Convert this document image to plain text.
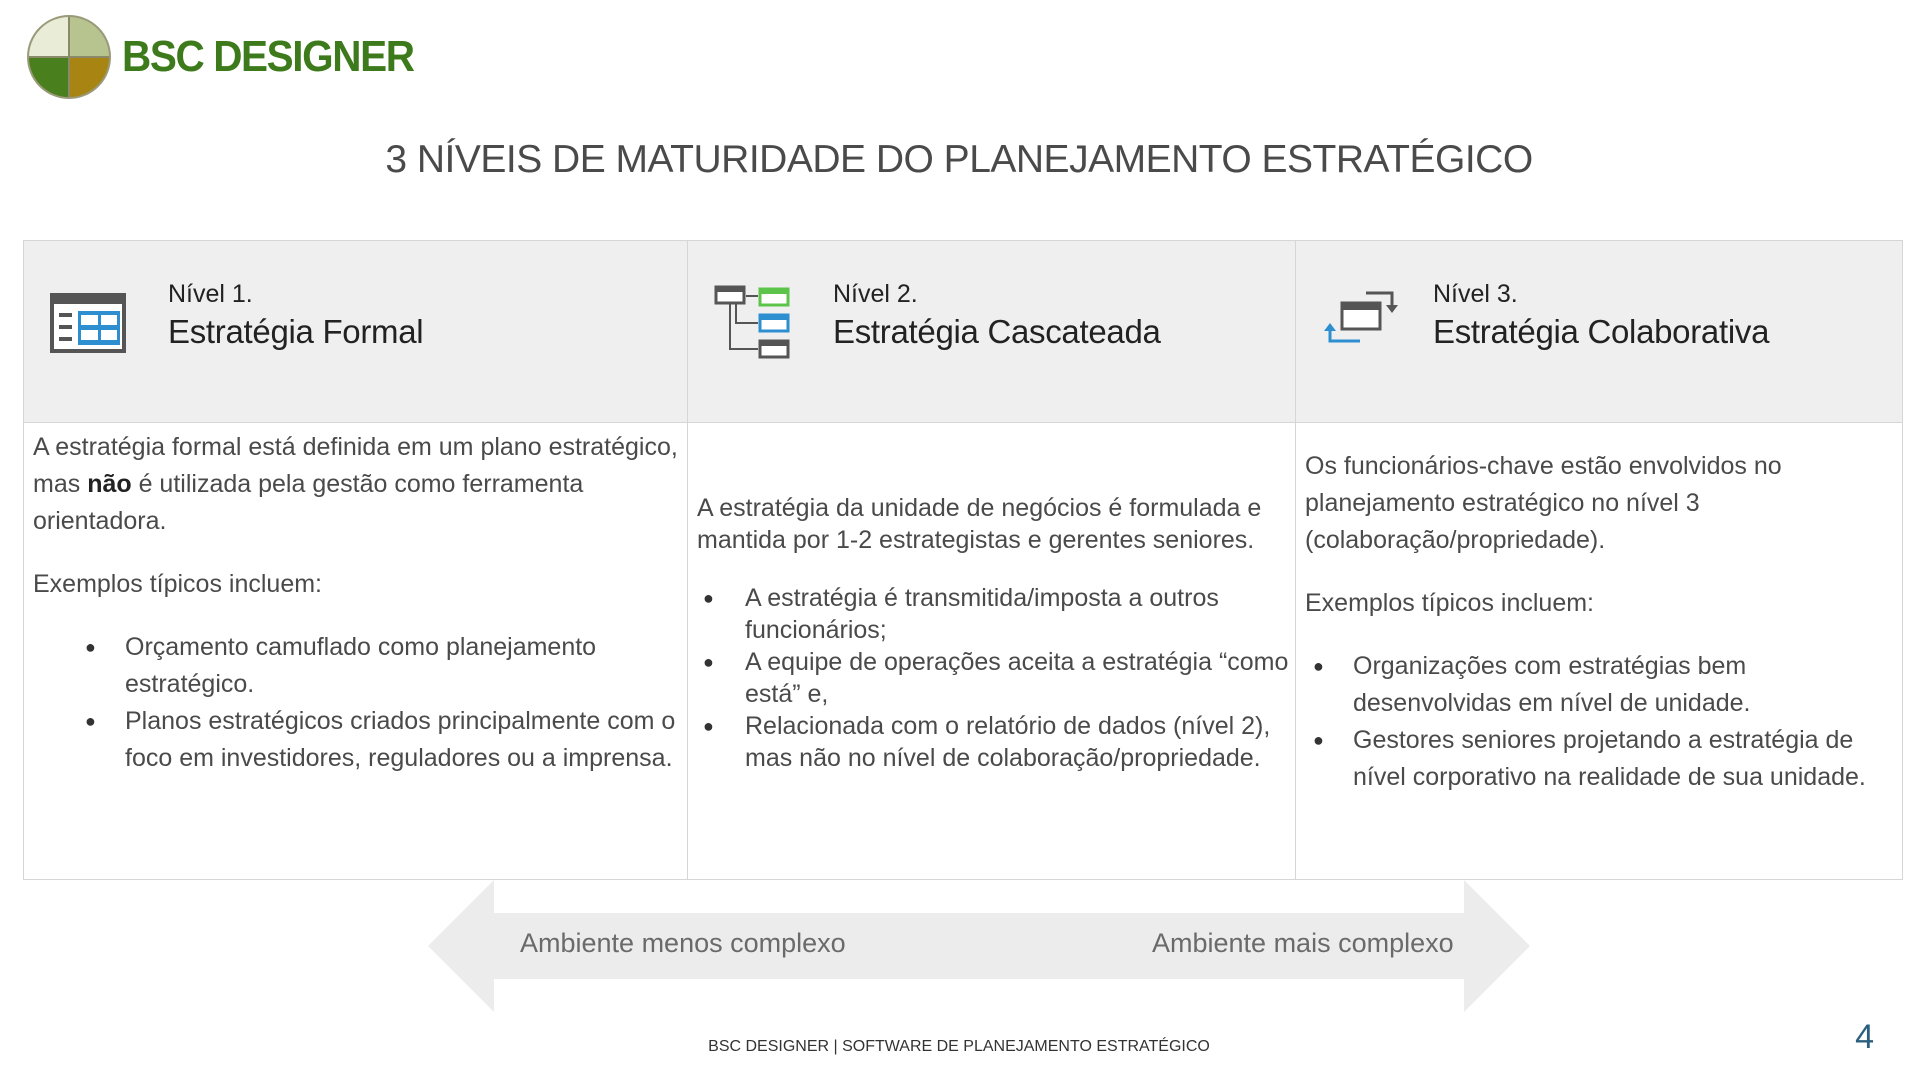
BSC DESIGNER
3 NÍVEIS DE MATURIDADE DO PLANEJAMENTO ESTRATÉGICO
Nível 1.
Estratégia Formal

A estratégia formal está definida em um plano estratégico, mas não é utilizada pela gestão como ferramenta orientadora.

Exemplos típicos incluem:

● Orçamento camuflado como planejamento estratégico.
● Planos estratégicos criados principalmente com o foco em investidores, reguladores ou a imprensa.
Nível 2.
Estratégia Cascateada

A estratégia da unidade de negócios é formulada e mantida por 1-2 estrategistas e gerentes seniores.

● A estratégia é transmitida/imposta a outros funcionários;
● A equipe de operações aceita a estratégia “como está” e,
● Relacionada com o relatório de dados (nível 2), mas não no nível de colaboração/propriedade.
Nível 3.
Estratégia Colaborativa

Os funcionários-chave estão envolvidos no planejamento estratégico no nível 3 (colaboração/propriedade).

Exemplos típicos incluem:

● Organizações com estratégias bem desenvolvidas em nível de unidade.
● Gestores seniores projetando a estratégia de nível corporativo na realidade de sua unidade.
Ambiente menos complexo	Ambiente mais complexo
BSC DESIGNER | SOFTWARE DE PLANEJAMENTO ESTRATÉGICO	4
